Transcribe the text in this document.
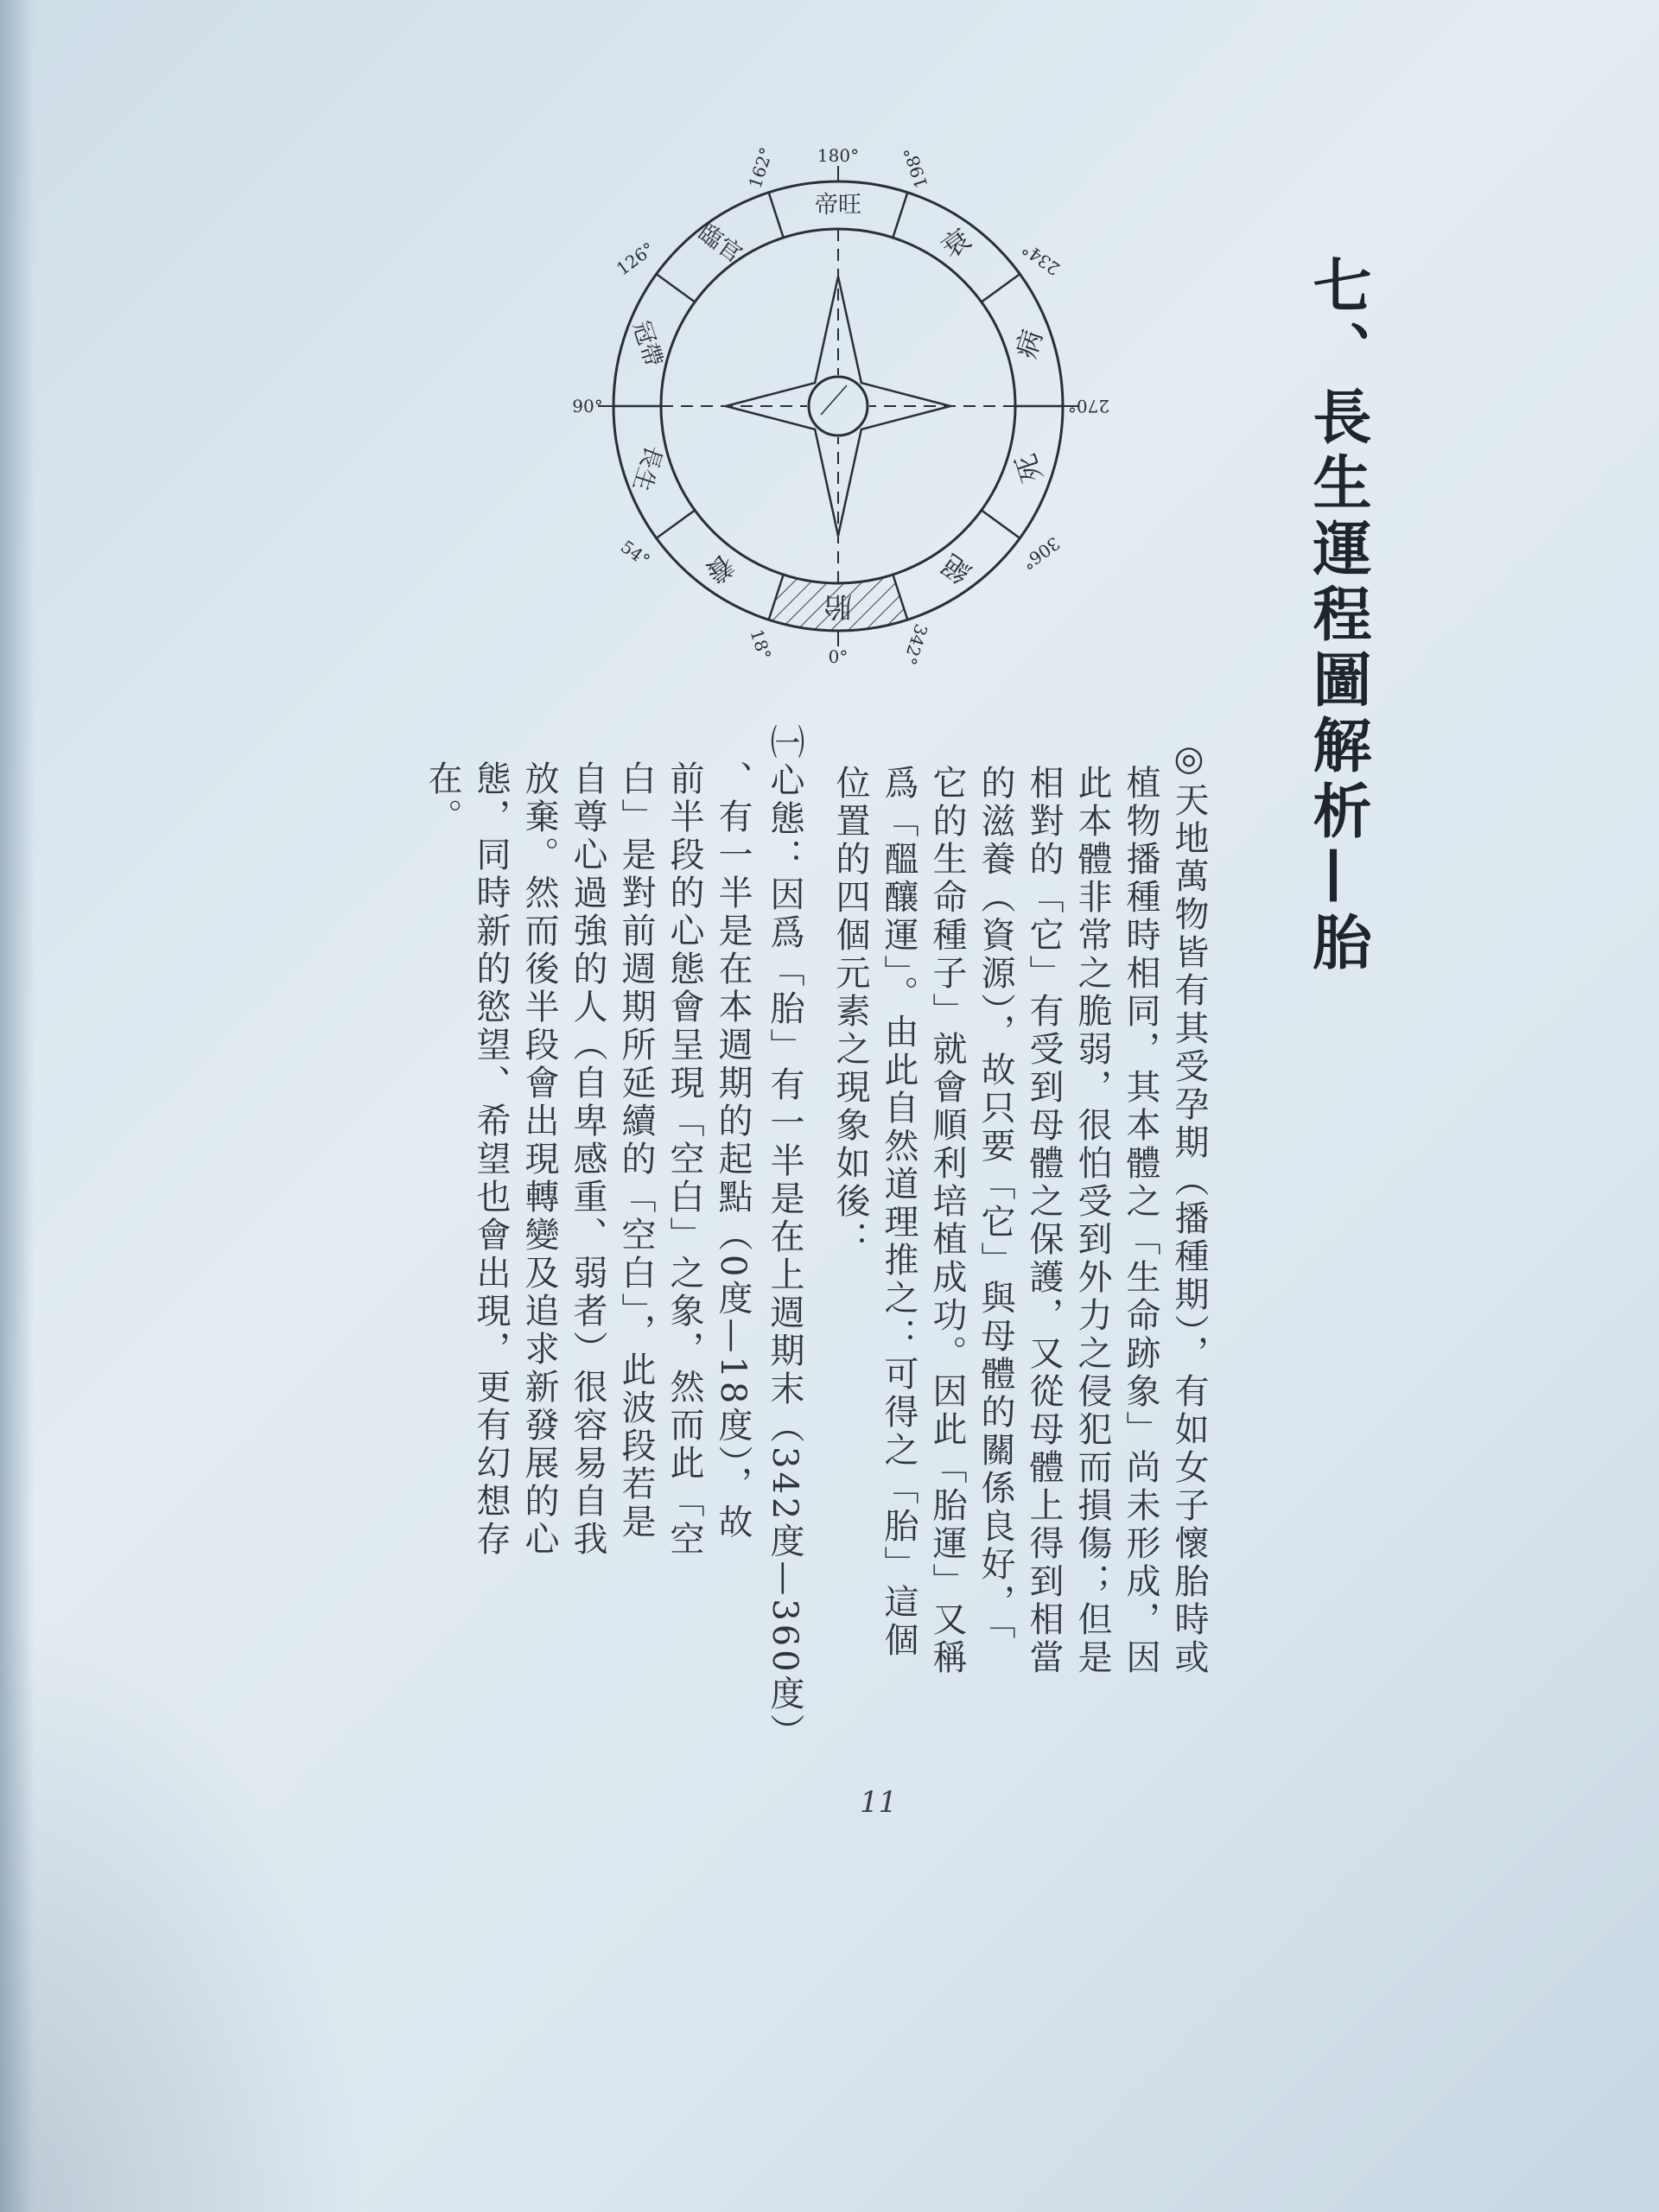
七、長生運程圖解析—胎
帝旺
衰
病
死
絕
胎
養
長生
冠帶
臨官
180° 198°
234°
270°
306°
342°
0°
18°
54°
90°
126°
162°
◎天地萬物皆有其受孕期（播種期），有如女子懷胎時或
植物播種時相同，其本體之「生命跡象」尚未形成，因
此本體非常之脆弱，很怕受到外力之侵犯而損傷；但是
相對的「它」有受到母體之保護，又從母體上得到相當
的滋養（資源），故只要「它」與母體的關係良好，「
它的生命種子」就會順利培植成功。因此「胎運」又稱
爲「醞釀運」。由此自然道理推之：可得之「胎」這個
位置的四個元素之現象如後：
㈠心態：因爲「胎」有一半是在上週期末（342度—360度）
、有一半是在本週期的起點（0度—18度），故
前半段的心態會呈現「空白」之象，然而此「空
白」是對前週期所延續的「空白」，此波段若是
自尊心過強的人（自卑感重、弱者）很容易自我
放棄。然而後半段會出現轉變及追求新發展的心
態，同時新的慾望、希望也會出現，更有幻想存
在。
11
